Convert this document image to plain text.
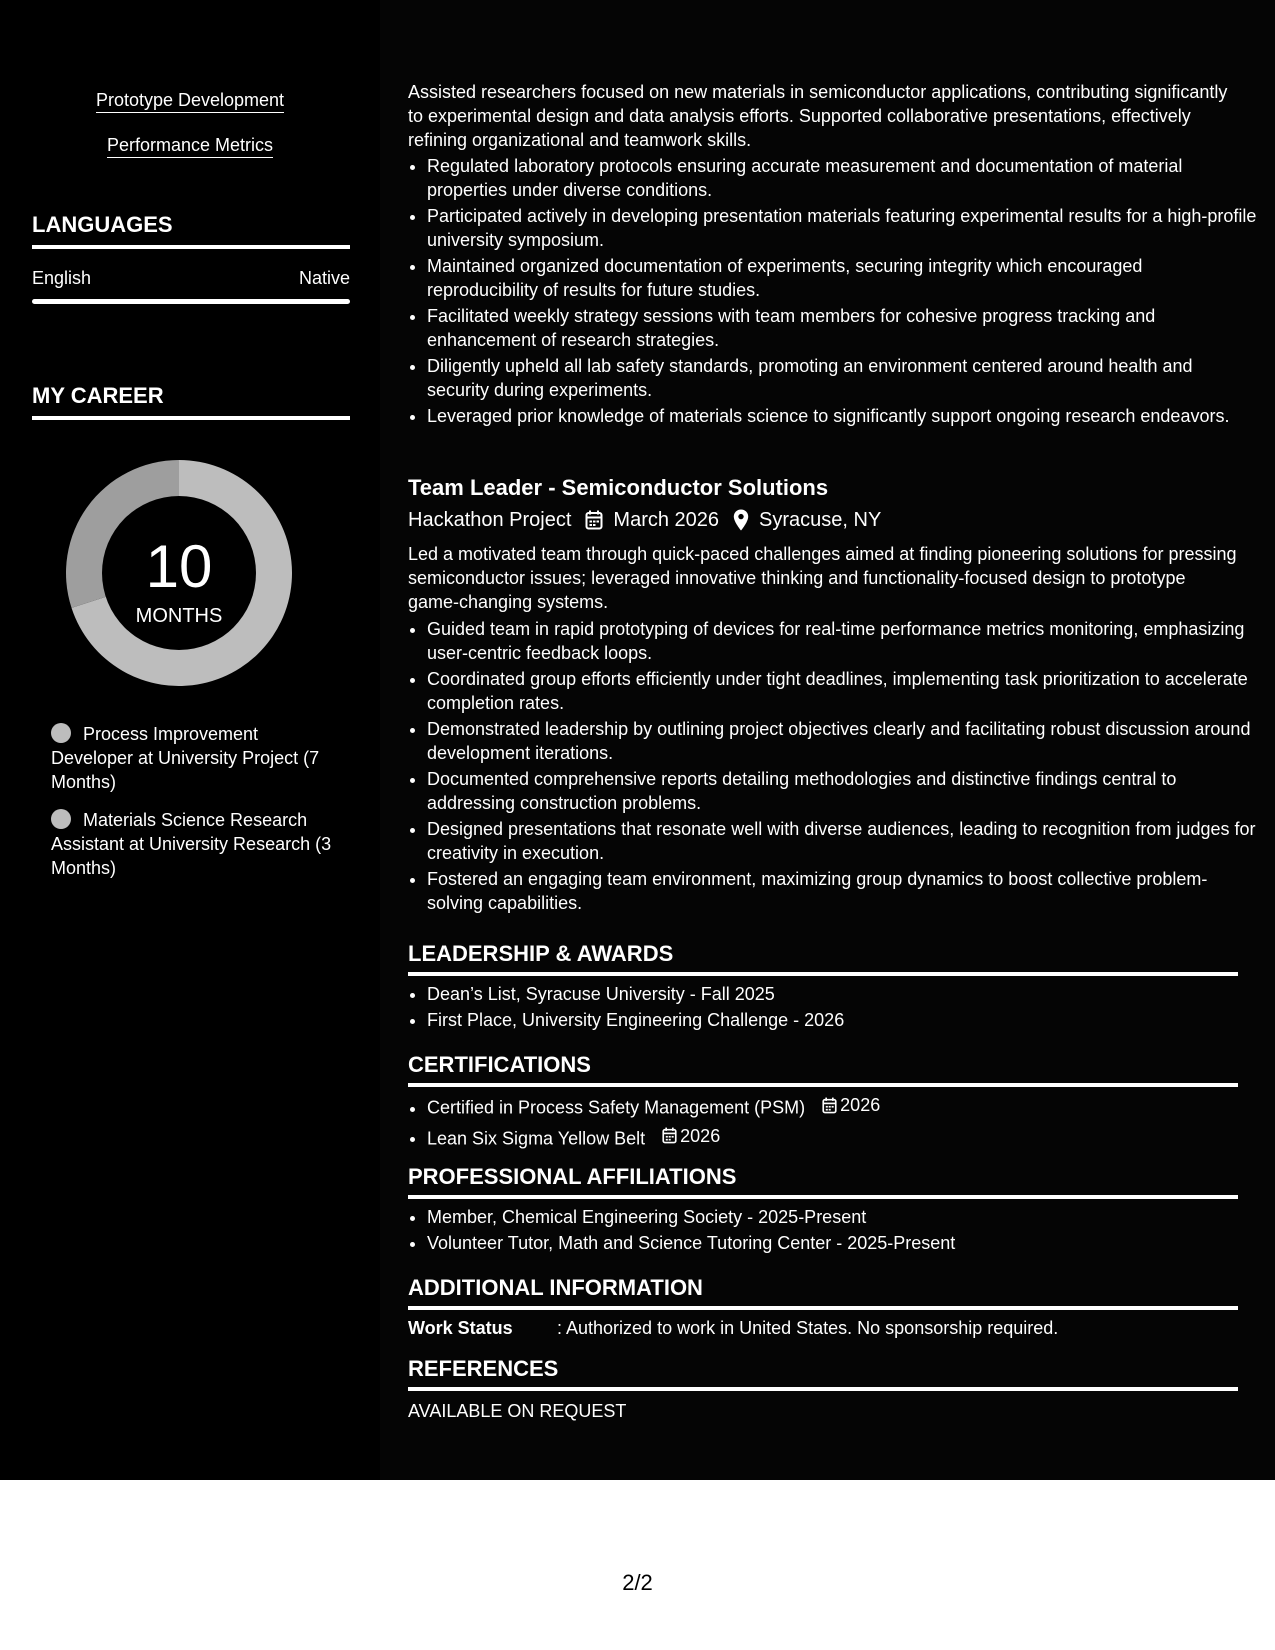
Prototype Development
Performance Metrics
LANGUAGES
English	Native
MY CAREER
10
MONTHS
Process Improvement Developer at University Project (7 Months)
Materials Science Research Assistant at University Research (3 Months)

Assisted researchers focused on new materials in semiconductor applications, contributing significantly to experimental design and data analysis efforts. Supported collaborative presentations, effectively refining organizational and teamwork skills.

• Regulated laboratory protocols ensuring accurate measurement and documentation of material properties under diverse conditions.
• Participated actively in developing presentation materials featuring experimental results for a high-profile university symposium.
• Maintained organized documentation of experiments, securing integrity which encouraged reproducibility of results for future studies.
• Facilitated weekly strategy sessions with team members for cohesive progress tracking and enhancement of research strategies.
• Diligently upheld all lab safety standards, promoting an environment centered around health and security during experiments.
• Leveraged prior knowledge of materials science to significantly support ongoing research endeavors.
Team Leader - Semiconductor Solutions
Hackathon Project March 2026 Syracuse, NY

Led a motivated team through quick-paced challenges aimed at finding pioneering solutions for pressing semiconductor issues; leveraged innovative thinking and functionality-focused design to prototype game-changing systems.

• Guided team in rapid prototyping of devices for real-time performance metrics monitoring, emphasizing user-centric feedback loops.
• Coordinated group efforts efficiently under tight deadlines, implementing task prioritization to accelerate completion rates.
• Demonstrated leadership by outlining project objectives clearly and facilitating robust discussion around development iterations.
• Documented comprehensive reports detailing methodologies and distinctive findings central to addressing construction problems.
• Designed presentations that resonate well with diverse audiences, leading to recognition from judges for creativity in execution.
• Fostered an engaging team environment, maximizing group dynamics to boost collective problem-solving capabilities.
LEADERSHIP & AWARDS
• Dean’s List, Syracuse University - Fall 2025
• First Place, University Engineering Challenge - 2026
CERTIFICATIONS
• Certified in Process Safety Management (PSM) 2026
• Lean Six Sigma Yellow Belt 2026
PROFESSIONAL AFFILIATIONS
• Member, Chemical Engineering Society - 2025-Present
• Volunteer Tutor, Math and Science Tutoring Center - 2025-Present
ADDITIONAL INFORMATION
Work Status : Authorized to work in United States. No sponsorship required.
REFERENCES
AVAILABLE ON REQUEST
2/2
